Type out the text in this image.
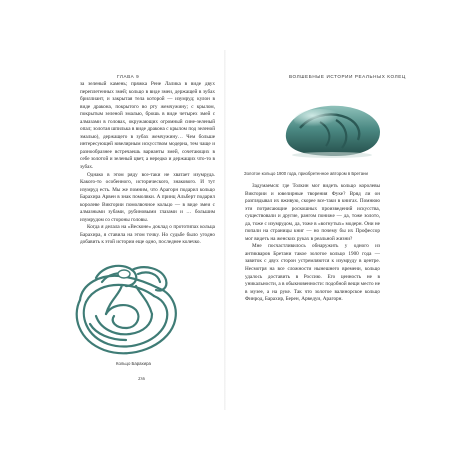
ГЛАВА 9

за зеленый камень; пряжка Рене Лалика в виде двух переплетенных змей; кольцо в виде змеи, держащей в зубах бриллиант, и закрытая тела которой — изумруд; кулон в виде дракона, покрытого во рту жемчужину; с крылом, покрытым зеленой эмалью, брошь в виде четырех змей с алмазами в головах, окружающих огромный сине-зеленый опал; золотая шпилька в виде дракона с крылом под зеленой эмалью), держащего в зубах жемчужину… Чем больше интересующей ювелирным искусством модерна, тем чаще и разнообразнее встречаешь варианты змей, сочетающих в себе золотой и зеленый цвет, а нередко и держащих что-то в зубах.

Однако в этом ряду все-таки не хватает изумруда. Какого-то особенного, исторического, знакового. И тут изумруд есть. Мы же помним, что Арагорн подарил кольцо Барахира Арвен в знак помолвки. А принц Альберт подарил королеве Виктории помолвочное кольцо — в виде змеи с алмазными зубами, рубиновыми глазами и … большим изумрудом со стороны головы.

Когда я делала на «Весконе» доклад о прототипах кольца Барахира, я ставила на этом точку. Но судьбе было угодно добавить к этой истории еще одно, последнее колечко.

Кольцо Барахира
236
ВОЛШЕБНЫЕ ИСТОРИИ РЕАЛЬНЫХ КОЛЕЦ
Золотое кольцо 1900 года, приобретенное автором в Бретани

Задумаемся: где Толкин мог видеть кольцо королевы Виктории и ювелирные творения Фуке? Вряд ли он разглядывал их вживую, скорее все-таки в книгах. Помнюю эти потрясающие роскошных произведений искусства, существовали и другие, рангом пониже — да, тоже золото, да, тоже с изумрудом, да, тоже в «вогнутых» модерн. Они не попали на страницы книг — но почему бы их Профессор мог видеть на женских руках в реальной жизни?

Мне посчастливилось обнаружить у одного из антикваров Бретани такое золотое кольцо 1900 года — завиток с двух сторон устремляются к изумруду в центре. Несмотря на все сложности нынешнего времени, кольцо удалось доставить в Россию. Его ценность не в уникальности, а в обыкновенности: подобной вещи место не в музее, а на руке. Так что золотое валинорское кольцо Финрод, Барахир, Берен, Арведуи, Арагорн.
